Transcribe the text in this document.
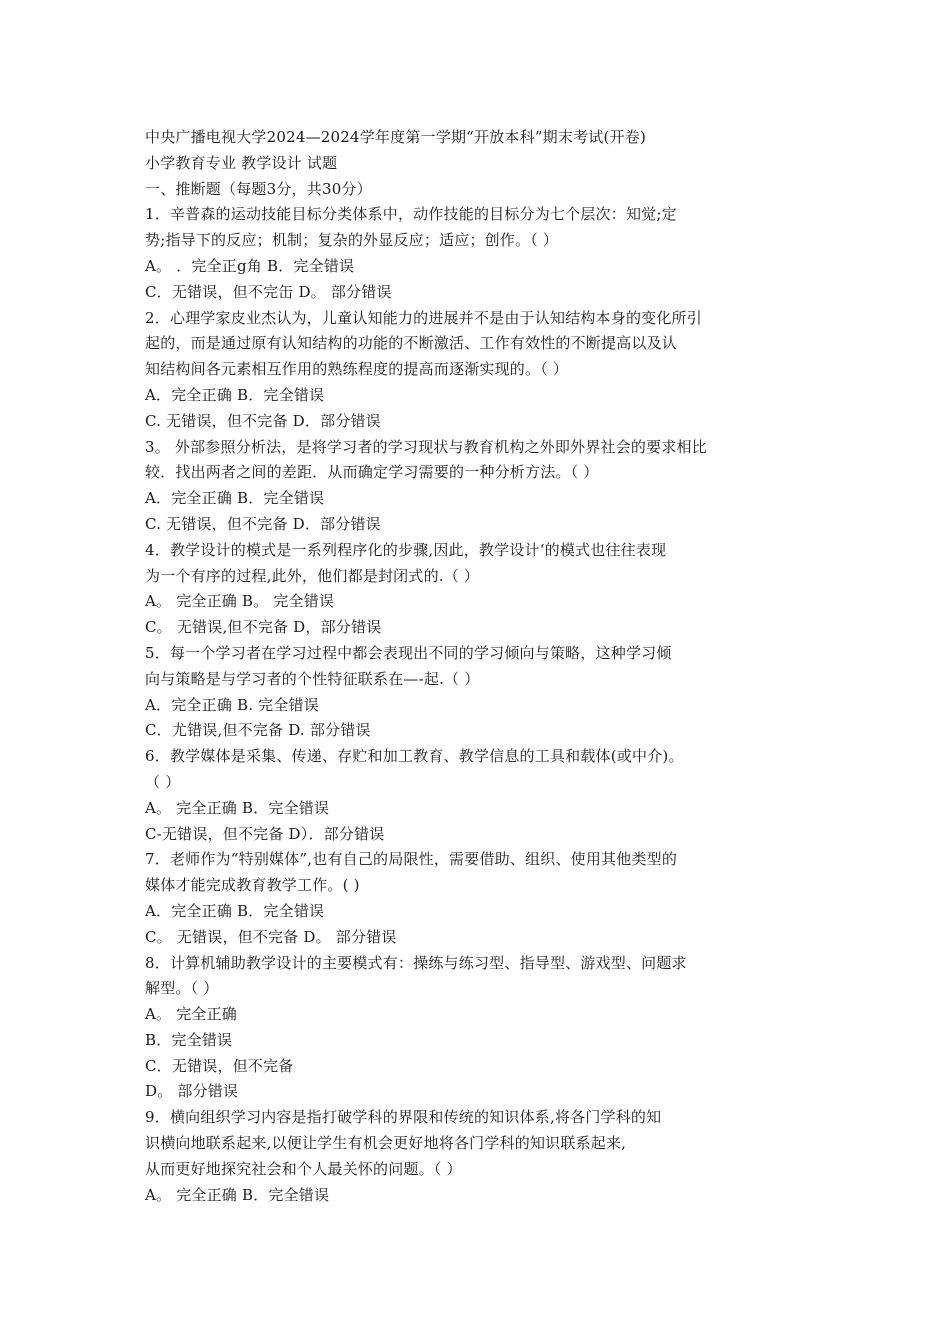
中央广播电视大学2024—2024学年度第一学期“开放本科”期末考试(开卷)
小学教育专业 教学设计 试题
一、推断题（每题3分，共30分）
1．辛普森的运动技能目标分类体系中，动作技能的目标分为七个层次：知觉;定
势;指导下的反应；机制；复杂的外显反应；适应；创作。（ ）
A。 ．完全正g角 B．完全错误
C．无错误，但不完缶 D。 部分错误
2．心理学家皮业杰认为，儿童认知能力的进展并不是由于认知结构本身的变化所引
起的，而是通过原有认知结构的功能的不断激活、工作有效性的不断提高以及认
知结构间各元素相互作用的熟练程度的提高而逐渐实现的。（ ）
A．完全正确 B．完全错误
C. 无错误，但不完备 D．部分错误
3。 外部参照分析法，是将学习者的学习现状与教育机构之外即外界社会的要求相比
较．找出两者之间的差距．从而确定学习需要的一种分析方法。（ ）
A．完全正确 B．完全错误
C. 无错误，但不完备 D．部分错误
4．教学设计的模式是一系列程序化的步骤,因此，教学设计‘的模式也往往表现
为一个有序的过程,此外，他们都是封闭式的.（ ）
A。 完全正确 B。 完全错误
C。 无错误,但不完备 D，部分错误
5．每一个学习者在学习过程中都会表现出不同的学习倾向与策略，这种学习倾
向与策略是与学习者的个性特征联系在—-起.（ ）
A．完全正确 B. 完全错误
C．尤错误,但不完备 D. 部分错误
6．教学媒体是采集、传递、存贮和加工教育、教学信息的工具和载体(或中介)。
（ ）
A。 完全正确 B．完全错误
C-无错误，但不完备 D）．部分错误
7．老师作为“特别媒体”,也有自己的局限性，需要借助、组织、使用其他类型的
媒体才能完成教育教学工作。( )
A．完全正确 B．完全错误
C。 无错误，但不完备 D。 部分错误
8．计算机辅助教学设计的主要模式有：操练与练习型、指导型、游戏型、问题求
解型。（ ）
A。 完全正确
B．完全错误
C．无错误，但不完备
D。 部分错误
9．横向组织学习内容是指打破学科的界限和传统的知识体系,将各门学科的知
识横向地联系起来,以便让学生有机会更好地将各门学科的知识联系起来,
从而更好地探究社会和个人最关怀的问题。（ ）
A。 完全正确 B．完全错误
